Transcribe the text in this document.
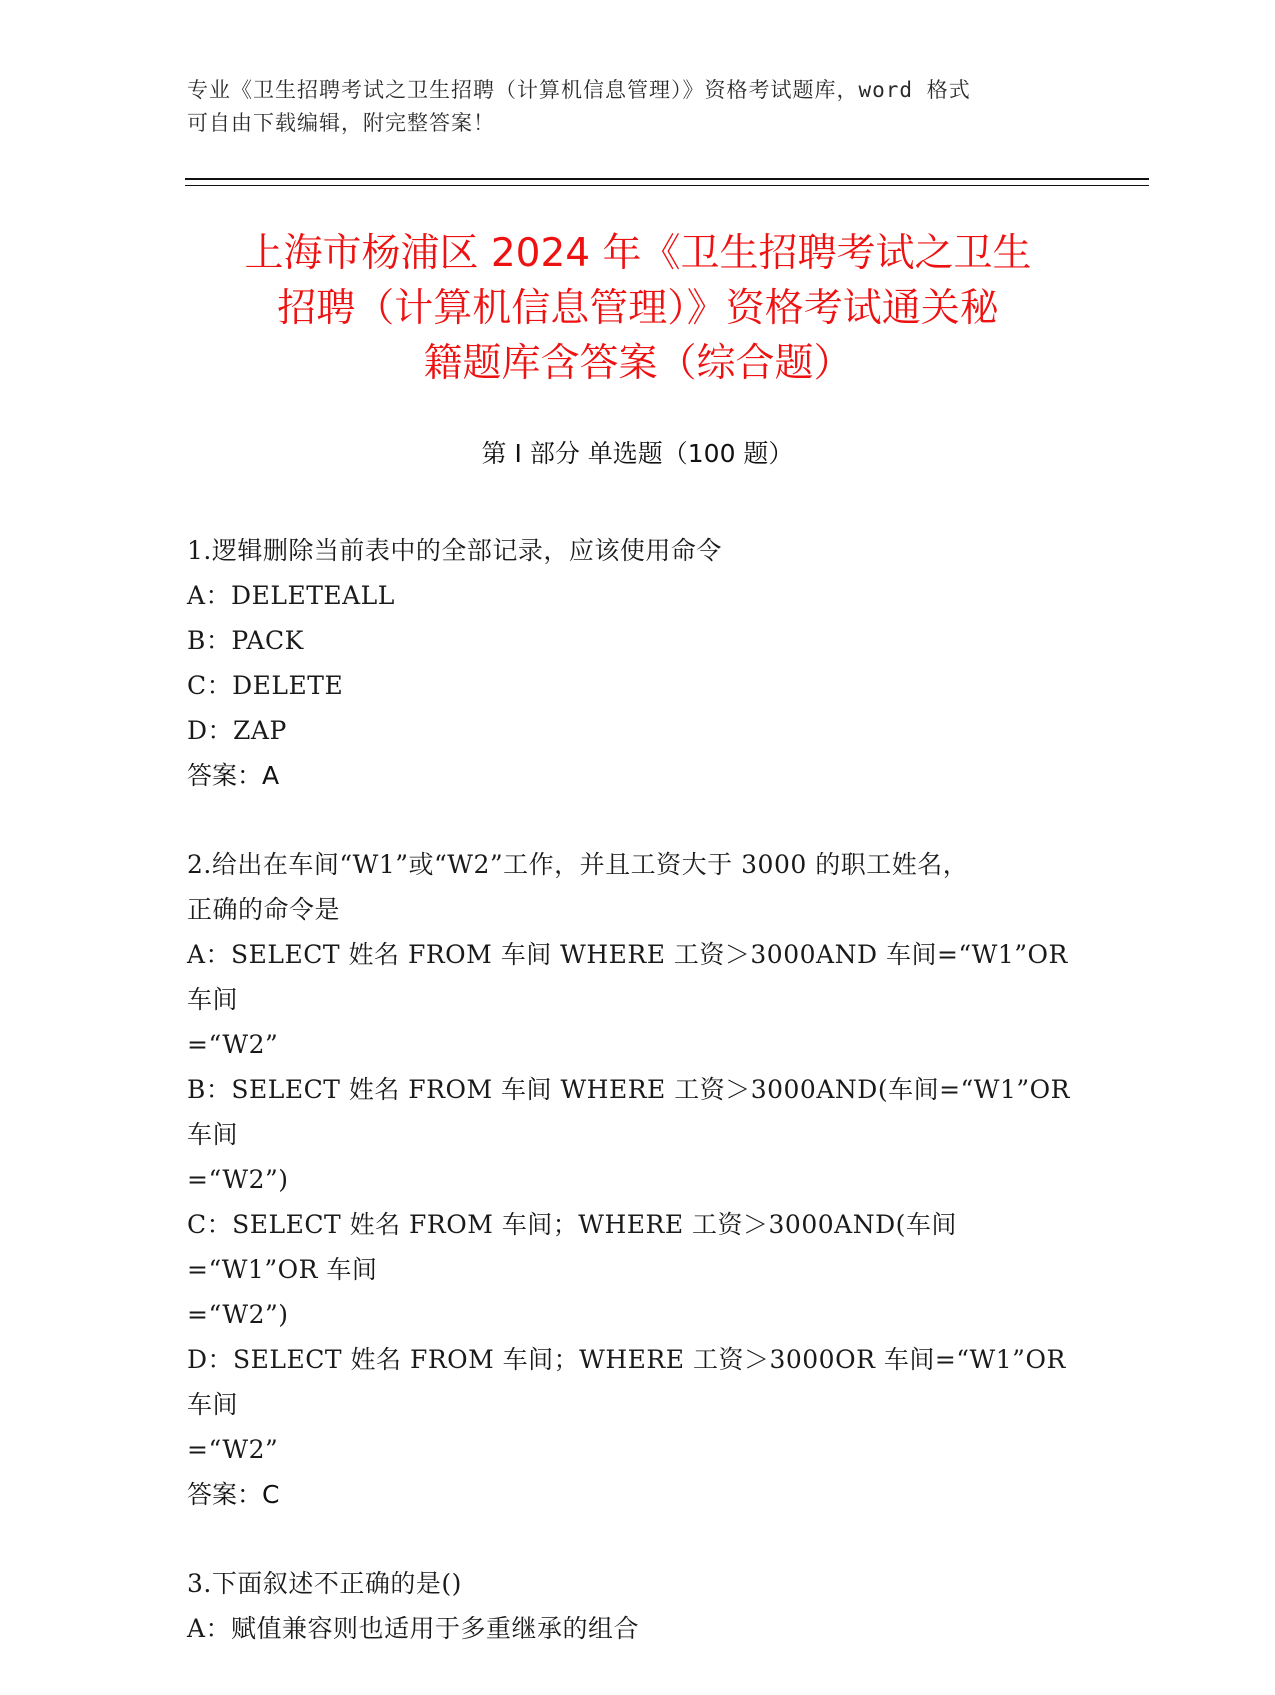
专业《卫生招聘考试之卫生招聘（计算机信息管理）》资格考试题库，word 格式
可自由下载编辑，附完整答案！
上海市杨浦区 2024 年《卫生招聘考试之卫生
招聘（计算机信息管理）》资格考试通关秘
籍题库含答案（综合题）
第 I 部分 单选题（100 题）
1.逻辑删除当前表中的全部记录，应该使用命令
A：DELETEALL
B：PACK
C：DELETE
D：ZAP
答案：A
2.给出在车间“W1”或“W2”工作，并且工资大于 3000 的职工姓名，
正确的命令是
A：SELECT 姓名 FROM 车间 WHERE 工资＞3000AND 车间=“W1”OR 车间
=“W2”
B：SELECT 姓名 FROM 车间 WHERE 工资＞3000AND(车间=“W1”OR 车间
=“W2”)
C：SELECT 姓名 FROM 车间；WHERE 工资＞3000AND(车间=“W1”OR 车间
=“W2”)
D：SELECT 姓名 FROM 车间；WHERE 工资＞3000OR 车间=“W1”OR 车间
=“W2”
答案：C
3.下面叙述不正确的是()
A：赋值兼容则也适用于多重继承的组合
